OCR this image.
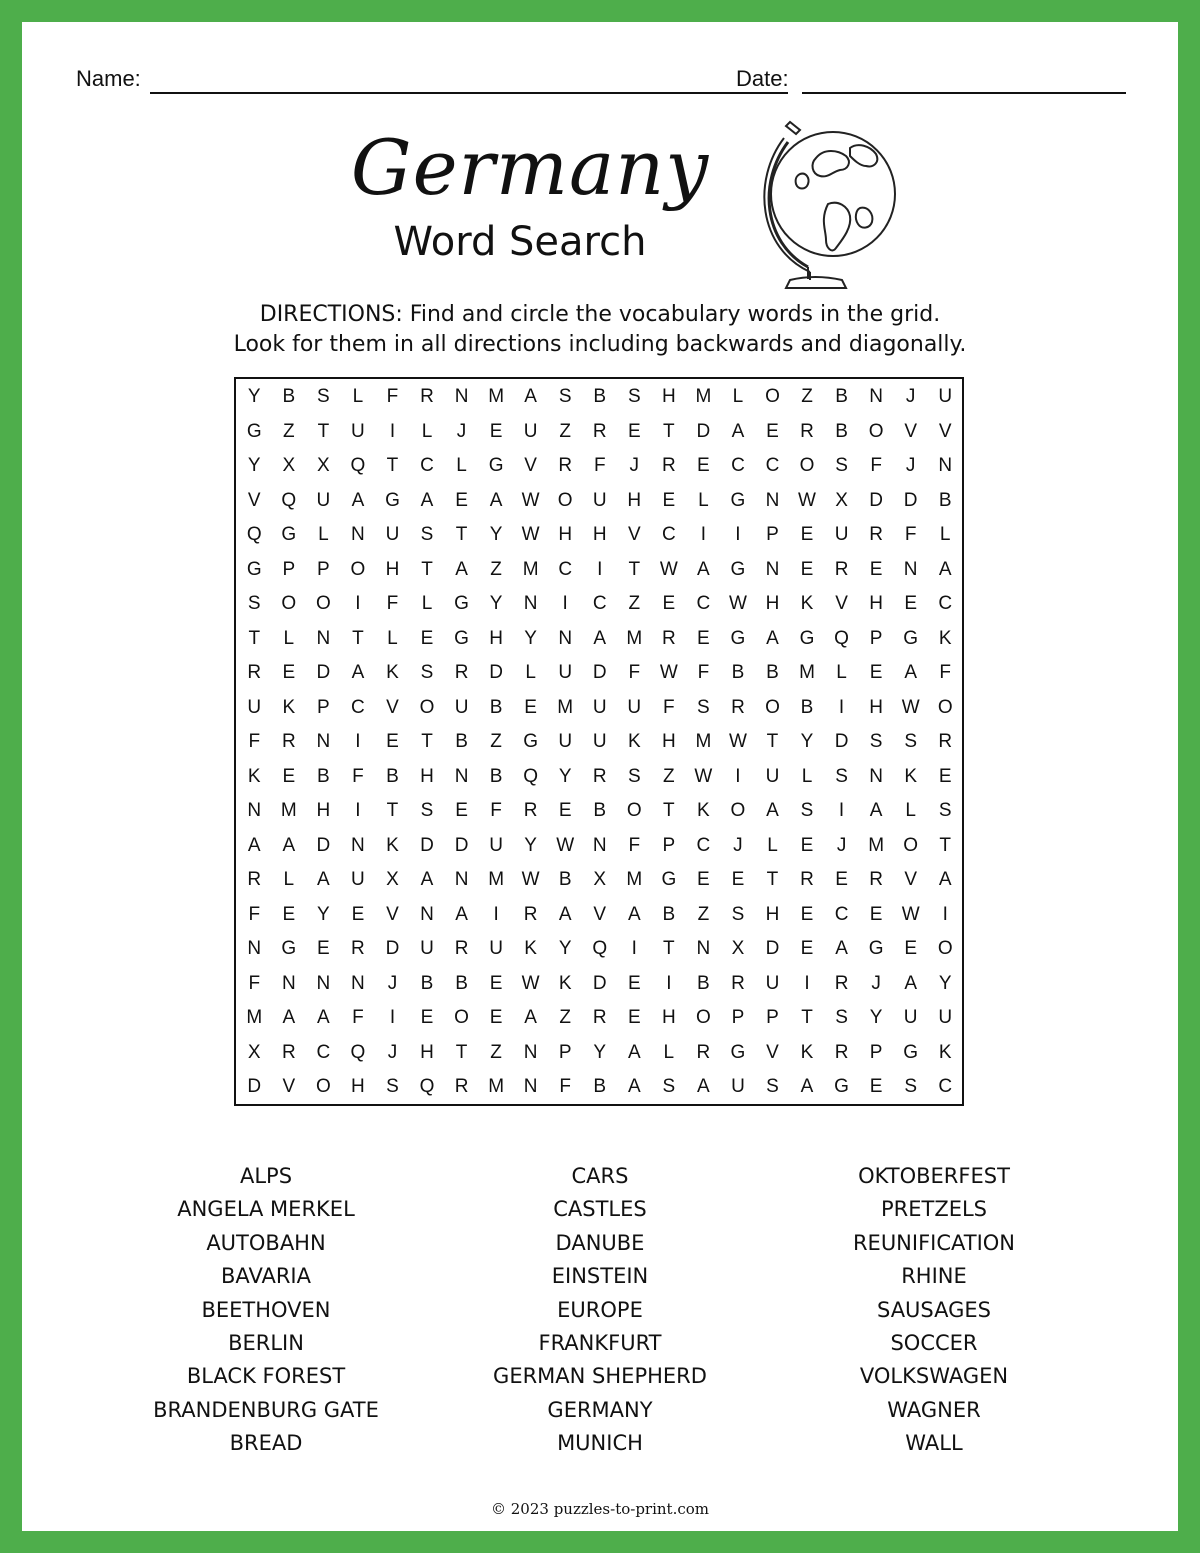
Name:	Date:
Germany
Word Search
DIRECTIONS: Find and circle the vocabulary words in the grid.
Look for them in all directions including backwards and diagonally.
Y	B	S	L	F	R	N	M	A	S	B	S	H	M	L	O	Z	B	N	J	U
G	Z	T	U	I	L	J	E	U	Z	R	E	T	D	A	E	R	B	O	V	V
Y	X	X	Q	T	C	L	G	V	R	F	J	R	E	C	C	O	S	F	J	N
V	Q	U	A	G	A	E	A	W O	U	H	E	L	G	N W	X	D	D	B
Q	G	L	N	U	S	T	Y	W H	H	V	C	I	I	P	E	U	R	F	L
G	P	P	O	H	T	A	Z	M	C	I	T	W	A	G	N	E	R	E	N	A
S	O	O	I	F	L	G	Y	N	I	C	Z	E	C W H	K	V	H	E	C
T	L	N	T	L	E	G	H	Y	N	A	M	R	E	G	A	G	Q	P	G	K
R	E	D	A	K	S	R	D	L	U	D	F	W	F	B	B	M	L	E	A	F
U	K	P	C	V	O	U	B	E	M	U	U	F	S	R	O	B	I	H W O
F	R	N	I	E	T	B	Z	G	U	U	K	H	M W	T	Y	D	S	S	R
K	E	B	F	B	H	N	B	Q	Y	R	S	Z	W	I	U	L	S	N	K	E
N	M	H	I	T	S	E	F	R	E	B	O	T	K	O	A	S	I	A	L	S
A	A	D	N	K	D	D	U	Y	W N	F	P	C	J	L	E	J	M	O	T
R	L	A	U	X	A	N	M W	B	X	M	G	E	E	T	R	E	R	V	A
F	E	Y	E	V	N	A	I	R	A	V	A	B	Z	S	H	E	C	E	W	I
N	G	E	R	D	U	R	U	K	Y	Q	I	T	N	X	D	E	A	G	E	O
F	N	N	N	J	B	B	E	W	K	D	E	I	B	R	U	I	R	J	A	Y
M	A	A	F	I	E	O	E	A	Z	R	E	H	O	P	P	T	S	Y	U	U
X	R	C	Q	J	H	T	Z	N	P	Y	A	L	R	G	V	K	R	P	G	K
D	V	O	H	S	Q	R	M	N	F	B	A	S	A	U	S	A	G	E	S	C
ALPS
ANGELA MERKEL
AUTOBAHN
BAVARIA
BEETHOVEN
BERLIN
BLACK FOREST
BRANDENBURG GATE
BREAD
CARS
CASTLES
DANUBE
EINSTEIN
EUROPE
FRANKFURT
GERMAN SHEPHERD
GERMANY
MUNICH
OKTOBERFEST
PRETZELS
REUNIFICATION
RHINE
SAUSAGES
SOCCER
VOLKSWAGEN
WAGNER
WALL
© 2023 puzzles-to-print.com
